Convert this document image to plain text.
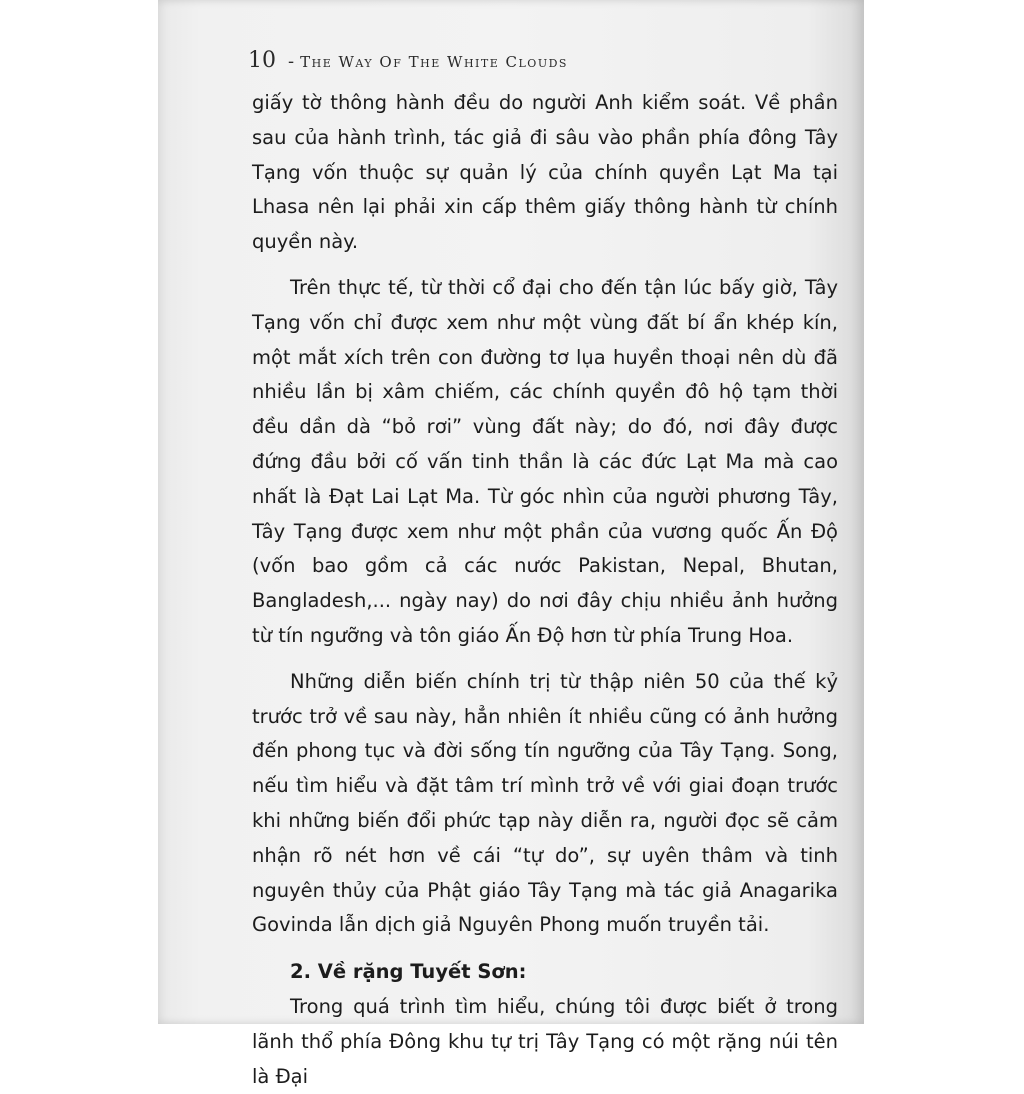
10 - The Way Of The White Clouds

giấy tờ thông hành đều do người Anh kiểm soát. Về phần sau của hành trình, tác giả đi sâu vào phần phía đông Tây Tạng vốn thuộc sự quản lý của chính quyền Lạt Ma tại Lhasa nên lại phải xin cấp thêm giấy thông hành từ chính quyền này.

Trên thực tế, từ thời cổ đại cho đến tận lúc bấy giờ, Tây Tạng vốn chỉ được xem như một vùng đất bí ẩn khép kín, một mắt xích trên con đường tơ lụa huyền thoại nên dù đã nhiều lần bị xâm chiếm, các chính quyền đô hộ tạm thời đều dần dà “bỏ rơi” vùng đất này; do đó, nơi đây được đứng đầu bởi cố vấn tinh thần là các đức Lạt Ma mà cao nhất là Đạt Lai Lạt Ma. Từ góc nhìn của người phương Tây, Tây Tạng được xem như một phần của vương quốc Ấn Độ (vốn bao gồm cả các nước Pakistan, Nepal, Bhutan, Bangladesh,... ngày nay) do nơi đây chịu nhiều ảnh hưởng từ tín ngưỡng và tôn giáo Ấn Độ hơn từ phía Trung Hoa.

Những diễn biến chính trị từ thập niên 50 của thế kỷ trước trở về sau này, hẳn nhiên ít nhiều cũng có ảnh hưởng đến phong tục và đời sống tín ngưỡng của Tây Tạng. Song, nếu tìm hiểu và đặt tâm trí mình trở về với giai đoạn trước khi những biến đổi phức tạp này diễn ra, người đọc sẽ cảm nhận rõ nét hơn về cái “tự do”, sự uyên thâm và tinh nguyên thủy của Phật giáo Tây Tạng mà tác giả Anagarika Govinda lẫn dịch giả Nguyên Phong muốn truyền tải.

2. Về rặng Tuyết Sơn:

Trong quá trình tìm hiểu, chúng tôi được biết ở trong lãnh thổ phía Đông khu tự trị Tây Tạng có một rặng núi tên là Đại
